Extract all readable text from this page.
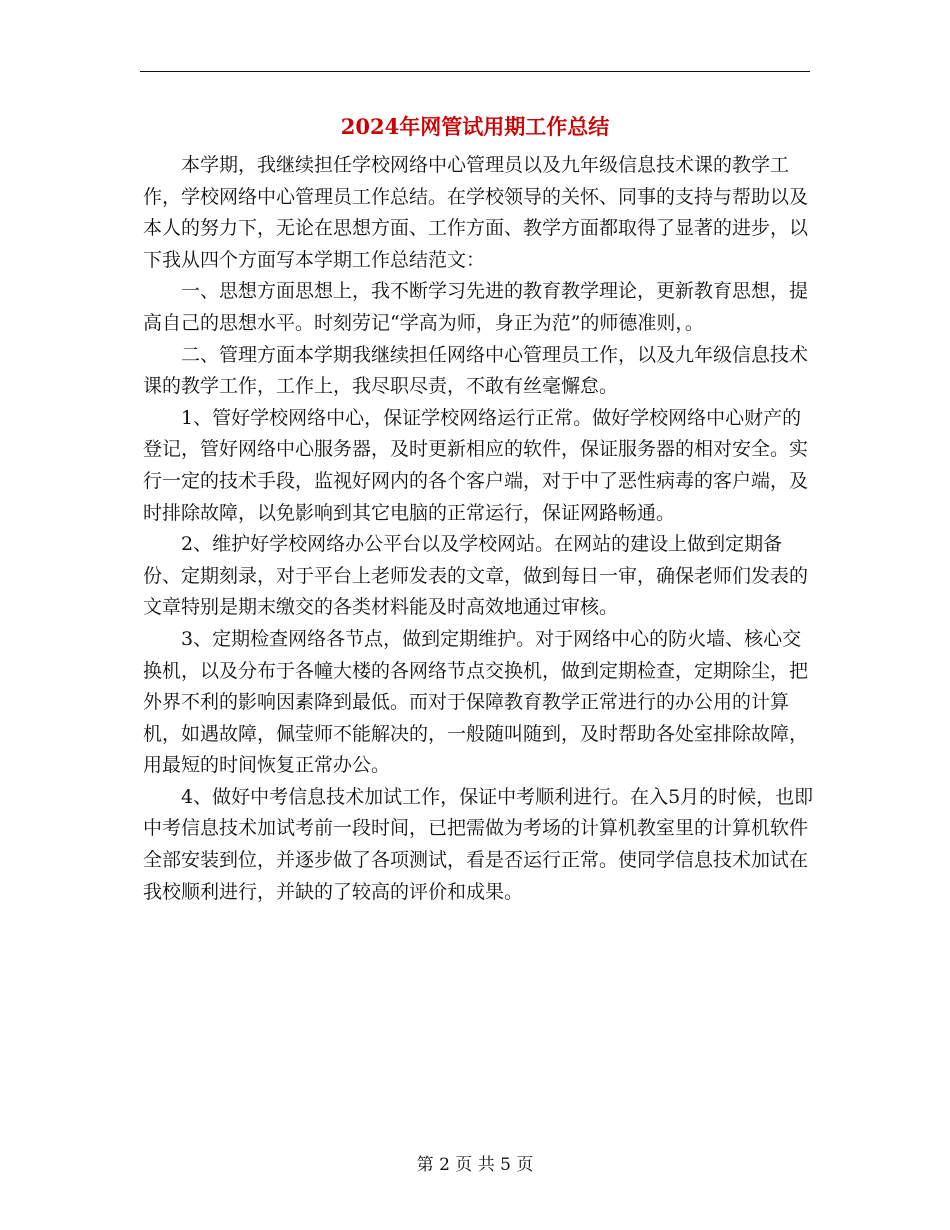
2024年网管试用期工作总结

本学期，我继续担任学校网络中心管理员以及九年级信息技术课的教学工作，学校网络中心管理员工作总结。在学校领导的关怀、同事的支持与帮助以及本人的努力下，无论在思想方面、工作方面、教学方面都取得了显著的进步，以下我从四个方面写本学期工作总结范文：

一、思想方面思想上，我不断学习先进的教育教学理论，更新教育思想，提高自己的思想水平。时刻劳记“学高为师，身正为范”的师德准则，。

二、管理方面本学期我继续担任网络中心管理员工作，以及九年级信息技术课的教学工作，工作上，我尽职尽责，不敢有丝毫懈怠。

1、管好学校网络中心，保证学校网络运行正常。做好学校网络中心财产的登记，管好网络中心服务器，及时更新相应的软件，保证服务器的相对安全。实行一定的技术手段，监视好网内的各个客户端，对于中了恶性病毒的客户端，及时排除故障，以免影响到其它电脑的正常运行，保证网路畅通。

2、维护好学校网络办公平台以及学校网站。在网站的建设上做到定期备份、定期刻录，对于平台上老师发表的文章，做到每日一审，确保老师们发表的文章特别是期末缴交的各类材料能及时高效地通过审核。

3、定期检查网络各节点，做到定期维护。对于网络中心的防火墙、核心交换机，以及分布于各幢大楼的各网络节点交换机，做到定期检查，定期除尘，把外界不利的影响因素降到最低。而对于保障教育教学正常进行的办公用的计算机，如遇故障，佩莹师不能解决的，一般随叫随到，及时帮助各处室排除故障，用最短的时间恢复正常办公。

4、做好中考信息技术加试工作，保证中考顺利进行。在入5月的时候，也即中考信息技术加试考前一段时间，已把需做为考场的计算机教室里的计算机软件全部安装到位，并逐步做了各项测试，看是否运行正常。使同学信息技术加试在我校顺利进行，并缺的了较高的评价和成果。

第 2 页 共 5 页
